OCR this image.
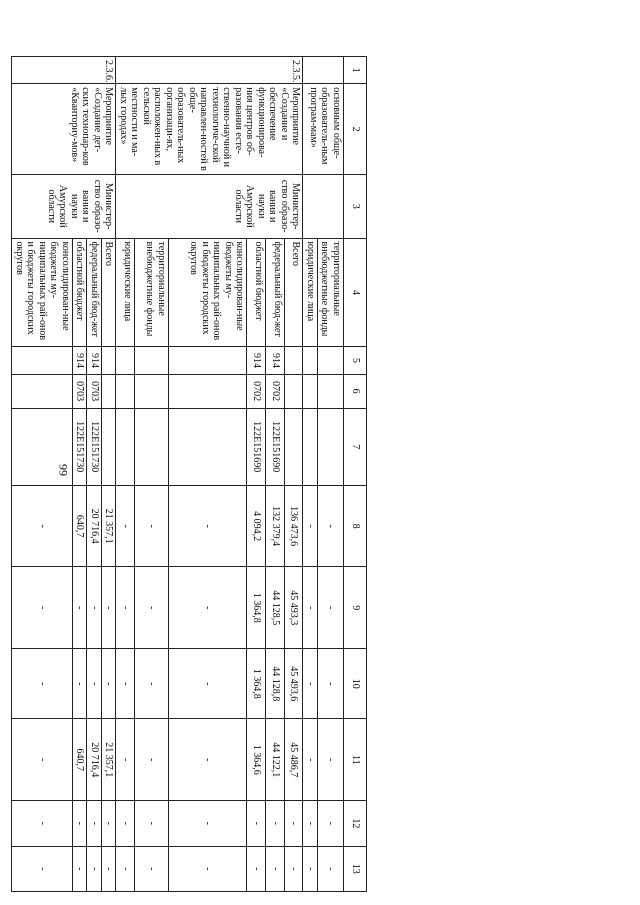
99
1	2	3	4	5	6	7	8	9	10	11	12	13
	основным обще-образователь-ным програм-мам»		территориальные внебюджетные фонды				-	-	-	-	-	-
			юридические лица				-	-	-	-	-	-
2.3.5.	Мероприятие «Создание и обеспечение функционирова-ния центров об-разования есте-ственно-научной и технологиче-ской направлен-ностей в обще-образователь-ных организаци-ях, расположен-ных в сельской местности и ма-лых городах»	Министер-ство образо-вания и науки Амурской области	Всего				136 473,6	45 493,3	45 493,6	45 486,7	-	-
			федеральный бюд-жет	914	0702	122E151690	132 379,4	44 128,5	44 128,8	44 122,1	-	-
			областной бюджет	914	0702	122E151690	4 094,2	1 364,8	1 364,8	1 364,6	-	-
			консолидирован-ные бюджеты му-ниципальных рай-онов и бюджеты городских округов				-	-	-	-	-	-
			территориальные внебюджетные фонды				-	-	-	-	-	-
			юридические лица				-	-	-	-	-	-
2.3.6.	Мероприятие «Создание дет-ских технопар-ков «Кванториу-мов»	Министер-ство образо-вания и науки Амурской области	Всего				21 357,1	-	-	21 357,1	-	-
			федеральный бюд-жет	914	0703	122E151730	20 716,4	-	-	20 716,4	-	-
			областной бюджет	914	0703	122E151730	640,7	-	-	640,7	-	-
			консолидирован-ные бюджеты му-ниципальных рай-онов и бюджеты городских округов				-	-	-	-	-	-
